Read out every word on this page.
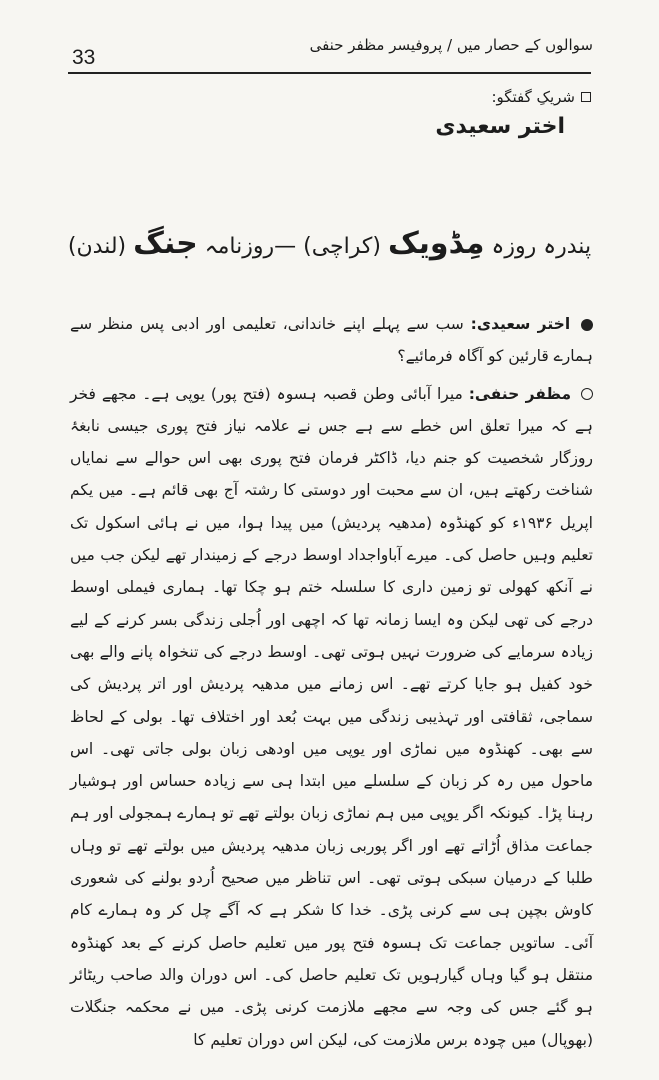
33
سوالوں کے حصار میں / پروفیسر مظفر حنفی
شریکِ گفتگو:
اختر سعیدی
پندرہ روزہ مِڈویک (کراچی) —روزنامہ جنگ (لندن)

اختر سعیدی: سب سے پہلے اپنے خاندانی، تعلیمی اور ادبی پس منظر سے ہمارے قارئین کو آگاہ فرمائیے؟

مظفر حنفی: میرا آبائی وطن قصبہ ہسوہ (فتح پور) یوپی ہے۔ مجھے فخر ہے کہ میرا تعلق اس خطے سے ہے جس نے علامہ نیاز فتح پوری جیسی نابغۂ روزگار شخصیت کو جنم دیا، ڈاکٹر فرمان فتح پوری بھی اس حوالے سے نمایاں شناخت رکھتے ہیں، ان سے محبت اور دوستی کا رشتہ آج بھی قائم ہے۔ میں یکم اپریل ۱۹۳۶ء کو کھنڈوہ (مدھیہ پردیش) میں پیدا ہوا، میں نے ہائی اسکول تک تعلیم وہیں حاصل کی۔ میرے آباواجداد اوسط درجے کے زمیندار تھے لیکن جب میں نے آنکھ کھولی تو زمین داری کا سلسلہ ختم ہو چکا تھا۔ ہماری فیملی اوسط درجے کی تھی لیکن وہ ایسا زمانہ تھا کہ اچھی اور اُجلی زندگی بسر کرنے کے لیے زیادہ سرمایے کی ضرورت نہیں ہوتی تھی۔ اوسط درجے کی تنخواہ پانے والے بھی خود کفیل ہو جایا کرتے تھے۔ اس زمانے میں مدھیہ پردیش اور اتر پردیش کی سماجی، ثقافتی اور تہذیبی زندگی میں بہت بُعد اور اختلاف تھا۔ بولی کے لحاظ سے بھی۔ کھنڈوہ میں نماڑی اور یوپی میں اودھی زبان بولی جاتی تھی۔ اس ماحول میں رہ کر زبان کے سلسلے میں ابتدا ہی سے زیادہ حساس اور ہوشیار رہنا پڑا۔ کیونکہ اگر یوپی میں ہم نماڑی زبان بولتے تھے تو ہمارے ہمجولی اور ہم جماعت مذاق اُڑاتے تھے اور اگر پوربی زبان مدھیہ پردیش میں بولتے تھے تو وہاں طلبا کے درمیان سبکی ہوتی تھی۔ اس تناظر میں صحیح اُردو بولنے کی شعوری کاوش بچپن ہی سے کرنی پڑی۔ خدا کا شکر ہے کہ آگے چل کر وہ ہمارے کام آئی۔ ساتویں جماعت تک ہسوہ فتح پور میں تعلیم حاصل کرنے کے بعد کھنڈوہ منتقل ہو گیا وہاں گیارہویں تک تعلیم حاصل کی۔ اس دوران والد صاحب ریٹائر ہو گئے جس کی وجہ سے مجھے ملازمت کرنی پڑی۔ میں نے محکمہ جنگلات (بھوپال) میں چودہ برس ملازمت کی، لیکن اس دوران تعلیم کا
